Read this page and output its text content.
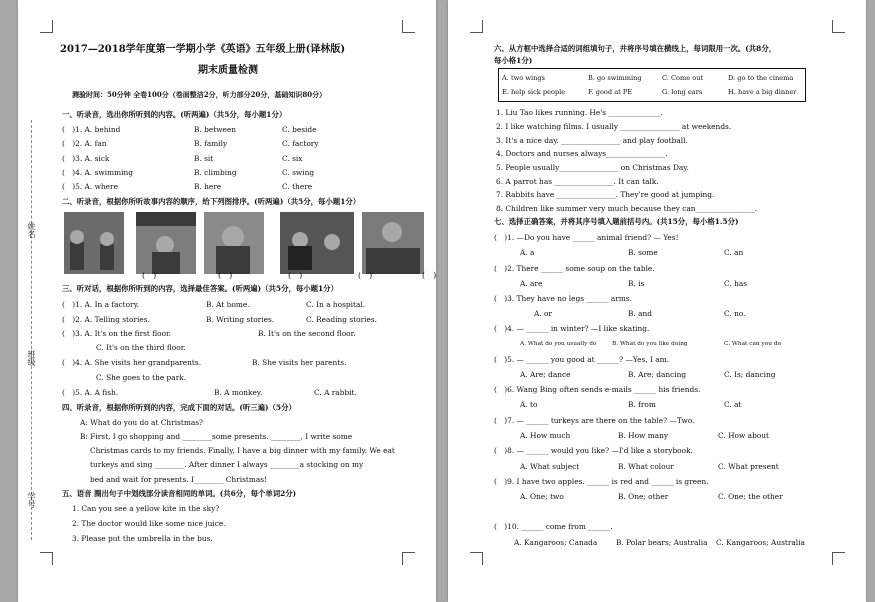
姓名
班级
学号
2017—2018学年度第一学期小学《英语》五年级上册(译林版)
期末质量检测
测验时间：50分钟 全卷100分（卷面整洁2分，听力部分20分，基础知识80分）
一、听录音，选出你所听到的内容。(听两遍)（共5分，每小题1分）
(　)1. A. behind	B. between	C. beside
(　)2. A. fan	B. family	C. factory
(　)3. A. sick	B. sit	C. six
(　)4. A. swimming	B. climbing	C. swing
(　)5. A. where	B. here	C. there
二、听录音，根据你所听故事内容的顺序，给下列图排序。(听两遍)（共5分，每小题1分）
(　)	(　)	(　)	(　)	(　)
三、听对话，根据你所听到的内容，选择最佳答案。(听两遍)（共5分，每小题1分）
(　)1. A. In a factory.	B. At home.	C. In a hospital.
(　)2. A. Telling stories.	B. Writing stories.	C. Reading stories.
(　)3. A. It's on the first floor.	B. It's on the second floor.
C. It's on the third floor.
(　)4. A. She visits her grandparents.	B. She visits her parents.
C. She goes to the park.
(　)5. A. A fish.	B. A monkey.	C. A rabbit.
四、听录音，根据你所听到的内容，完成下面的对话。(听三遍)（5分）
A: What do you do at Christmas?
B: First, I go shopping and ________some presents. ________, I write some
Christmas cards to my friends. Finally, I have a big dinner with my family. We eat
turkeys and sing ________. After dinner I always ________a stocking on my
bed and wait for presents. I________ Christmas!
五、语音 圈出句子中划线部分读音相同的单词。(共6分，每个单词2分)
1. Can you see a yellow kite in the sky?
2. The doctor would like some nice juice.
3. Please put the umbrella in the bus.
六、从方框中选择合适的词组填句子，并将序号填在横线上，每词限用一次。(共8分，
每小格1分)
A. two wings	B. go swimming	C. Come out	D. go to the cinema
E. help sick people	F. good at PE	G. long ears	H. have a big dinner
1. Liu Tao likes running. He's ______________.
2. I like watching films. I usually ________________ at weekends.
3. It's a nice day. ________________ and play football.
4. Doctors and nurses always________________.
5. People usually________________ on Christmas Day.
6. A parrot has ________________. It can talk.
7. Rabbits have ________________. They're good at jumping.
8. Children like summer very much because they can________________.
七、选择正确答案，并将其序号填入题前括号内。(共15分，每小格1.5分)
(　)1. —Do you have ______ animal friend? — Yes!
A. a	B. some	C. an
(　)2. There ______ some soup on the table.
A. are	B. is	C. has
(　)3. They have no legs ______ arms.
A. or	B. and	C. no.
(　)4. — ______ in winter? —I like skating.
A. What do you usually do	B. What do you like doing	C. What can you do
(　)5. — ______ you good at ______? —Yes, I am.
A. Are; dance	B. Are; dancing	C. Is; dancing
(　)6. Wang Bing often sends e-mails ______ his friends.
A. to	B. from	C. at
(　)7. — ______ turkeys are there on the table? —Two.
A. How much	B. How many	C. How about
(　)8. — ______ would you like? —I'd like a storybook.
A. What subject	B. What colour	C. What present
(　)9. I have two apples. ______ is red and ______ is green.
A. One; two	B. One; other	C. One; the other
(　)10. ______ come from ______.
A. Kangaroos; Canada	B. Polar bears; Australia C. Kangaroos; Australia
